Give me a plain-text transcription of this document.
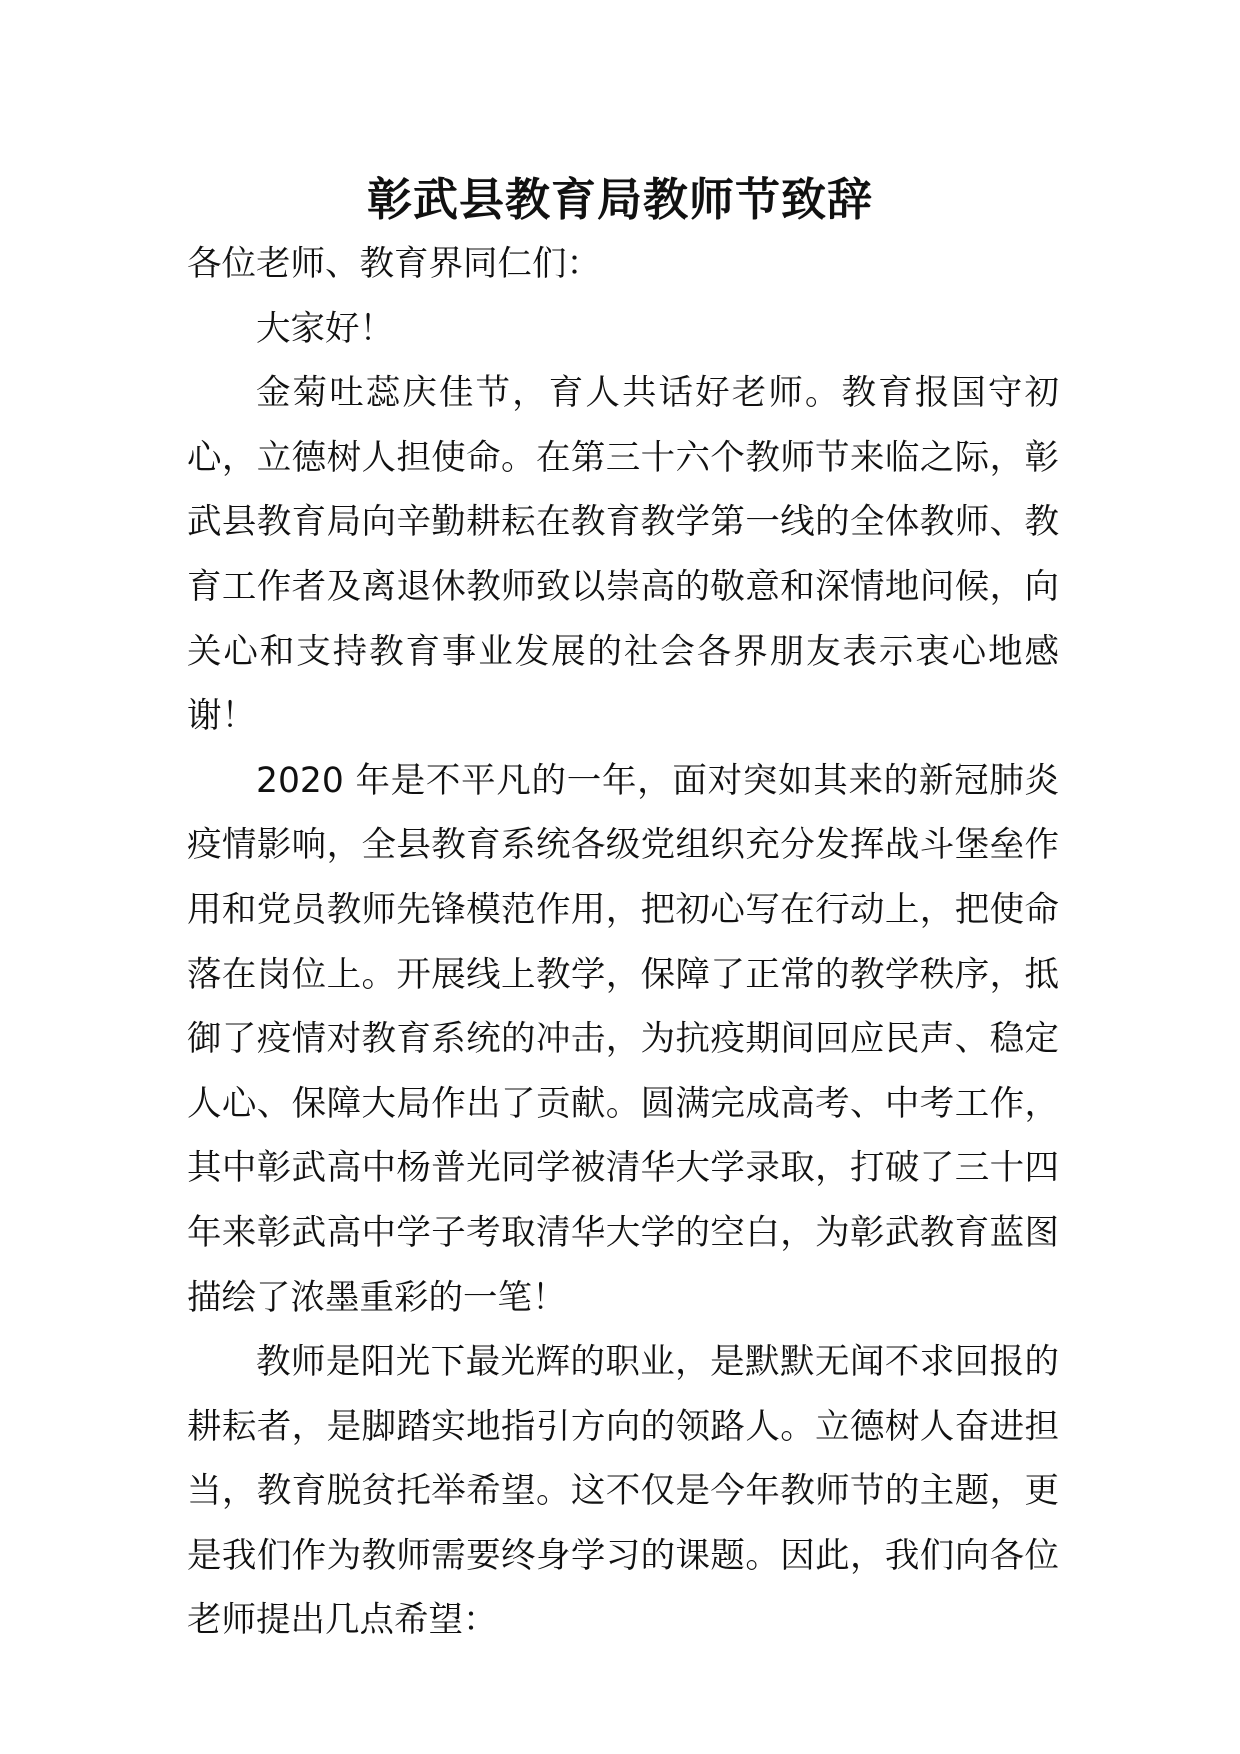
彰武县教育局教师节致辞

各位老师、教育界同仁们：

大家好！

金菊吐蕊庆佳节，育人共话好老师。教育报国守初心，立德树人担使命。在第三十六个教师节来临之际，彰武县教育局向辛勤耕耘在教育教学第一线的全体教师、教育工作者及离退休教师致以崇高的敬意和深情地问候，向关心和支持教育事业发展的社会各界朋友表示衷心地感谢！

2020 年是不平凡的一年，面对突如其来的新冠肺炎疫情影响，全县教育系统各级党组织充分发挥战斗堡垒作用和党员教师先锋模范作用，把初心写在行动上，把使命落在岗位上。开展线上教学，保障了正常的教学秩序，抵御了疫情对教育系统的冲击，为抗疫期间回应民声、稳定人心、保障大局作出了贡献。圆满完成高考、中考工作，其中彰武高中杨普光同学被清华大学录取，打破了三十四年来彰武高中学子考取清华大学的空白，为彰武教育蓝图描绘了浓墨重彩的一笔！

教师是阳光下最光辉的职业，是默默无闻不求回报的耕耘者，是脚踏实地指引方向的领路人。立德树人奋进担当，教育脱贫托举希望。这不仅是今年教师节的主题，更是我们作为教师需要终身学习的课题。因此，我们向各位老师提出几点希望：
